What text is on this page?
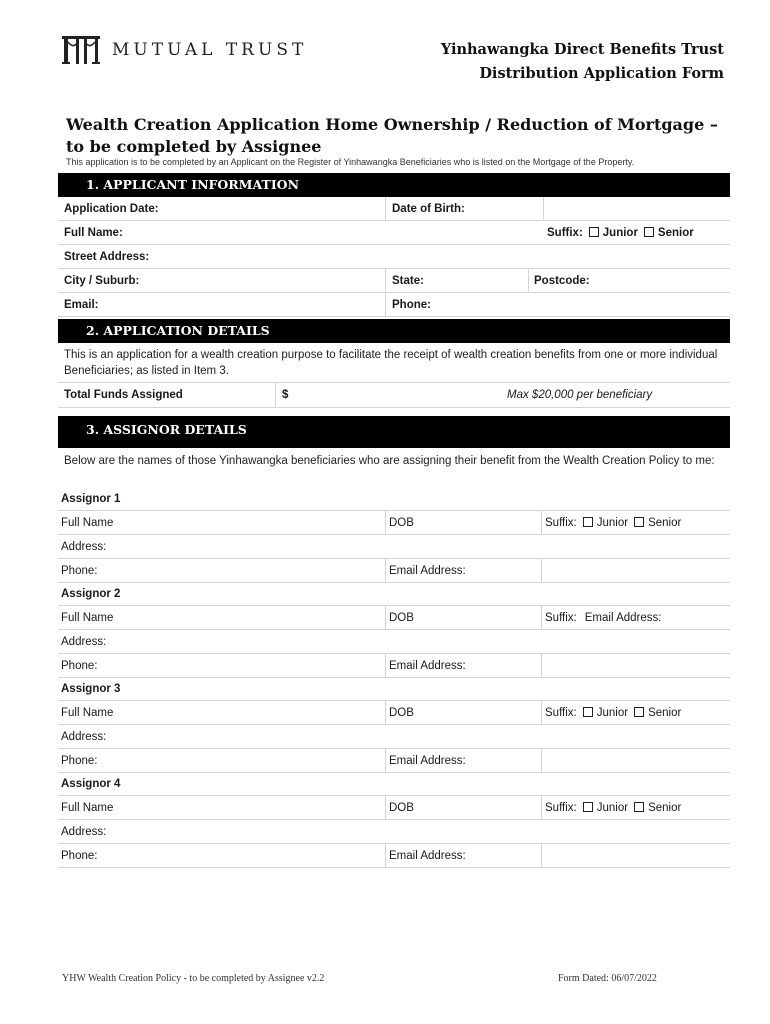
MUTUAL TRUST	Yinhawangka Direct Benefits Trust
Distribution Application Form
Wealth Creation Application Home Ownership / Reduction of Mortgage – to be completed by Assignee
This application is to be completed by an Applicant on the Register of Yinhawangka Beneficiaries who is listed on the Mortgage of the Property.
1. APPLICANT INFORMATION
Application Date:	Date of Birth:
Full Name:	Suffix: Junior Senior
Street Address:
City / Suburb:	State:	Postcode:
Email:	Phone:
2. APPLICATION DETAILS
This is an application for a wealth creation purpose to facilitate the receipt of wealth creation benefits from one or more individual Beneficiaries; as listed in Item 3.
Total Funds Assigned	$	Max $20,000 per beneficiary
3. ASSIGNOR DETAILS
Below are the names of those Yinhawangka beneficiaries who are assigning their benefit from the Wealth Creation Policy to me:
Assignor 1
Full Name	DOB	Suffix: Junior Senior
Address:
Phone:	Email Address:
Assignor 2
Full Name	DOB	Suffix: Email Address:
Address:
Phone:	Email Address:
Assignor 3
Full Name	DOB	Suffix: Junior Senior
Address:
Phone:	Email Address:
Assignor 4
Full Name	DOB	Suffix: Junior Senior
Address:
Phone:	Email Address:
YHW Wealth Creation Policy - to be completed by Assignee v2.2	Form Dated: 06/07/2022
